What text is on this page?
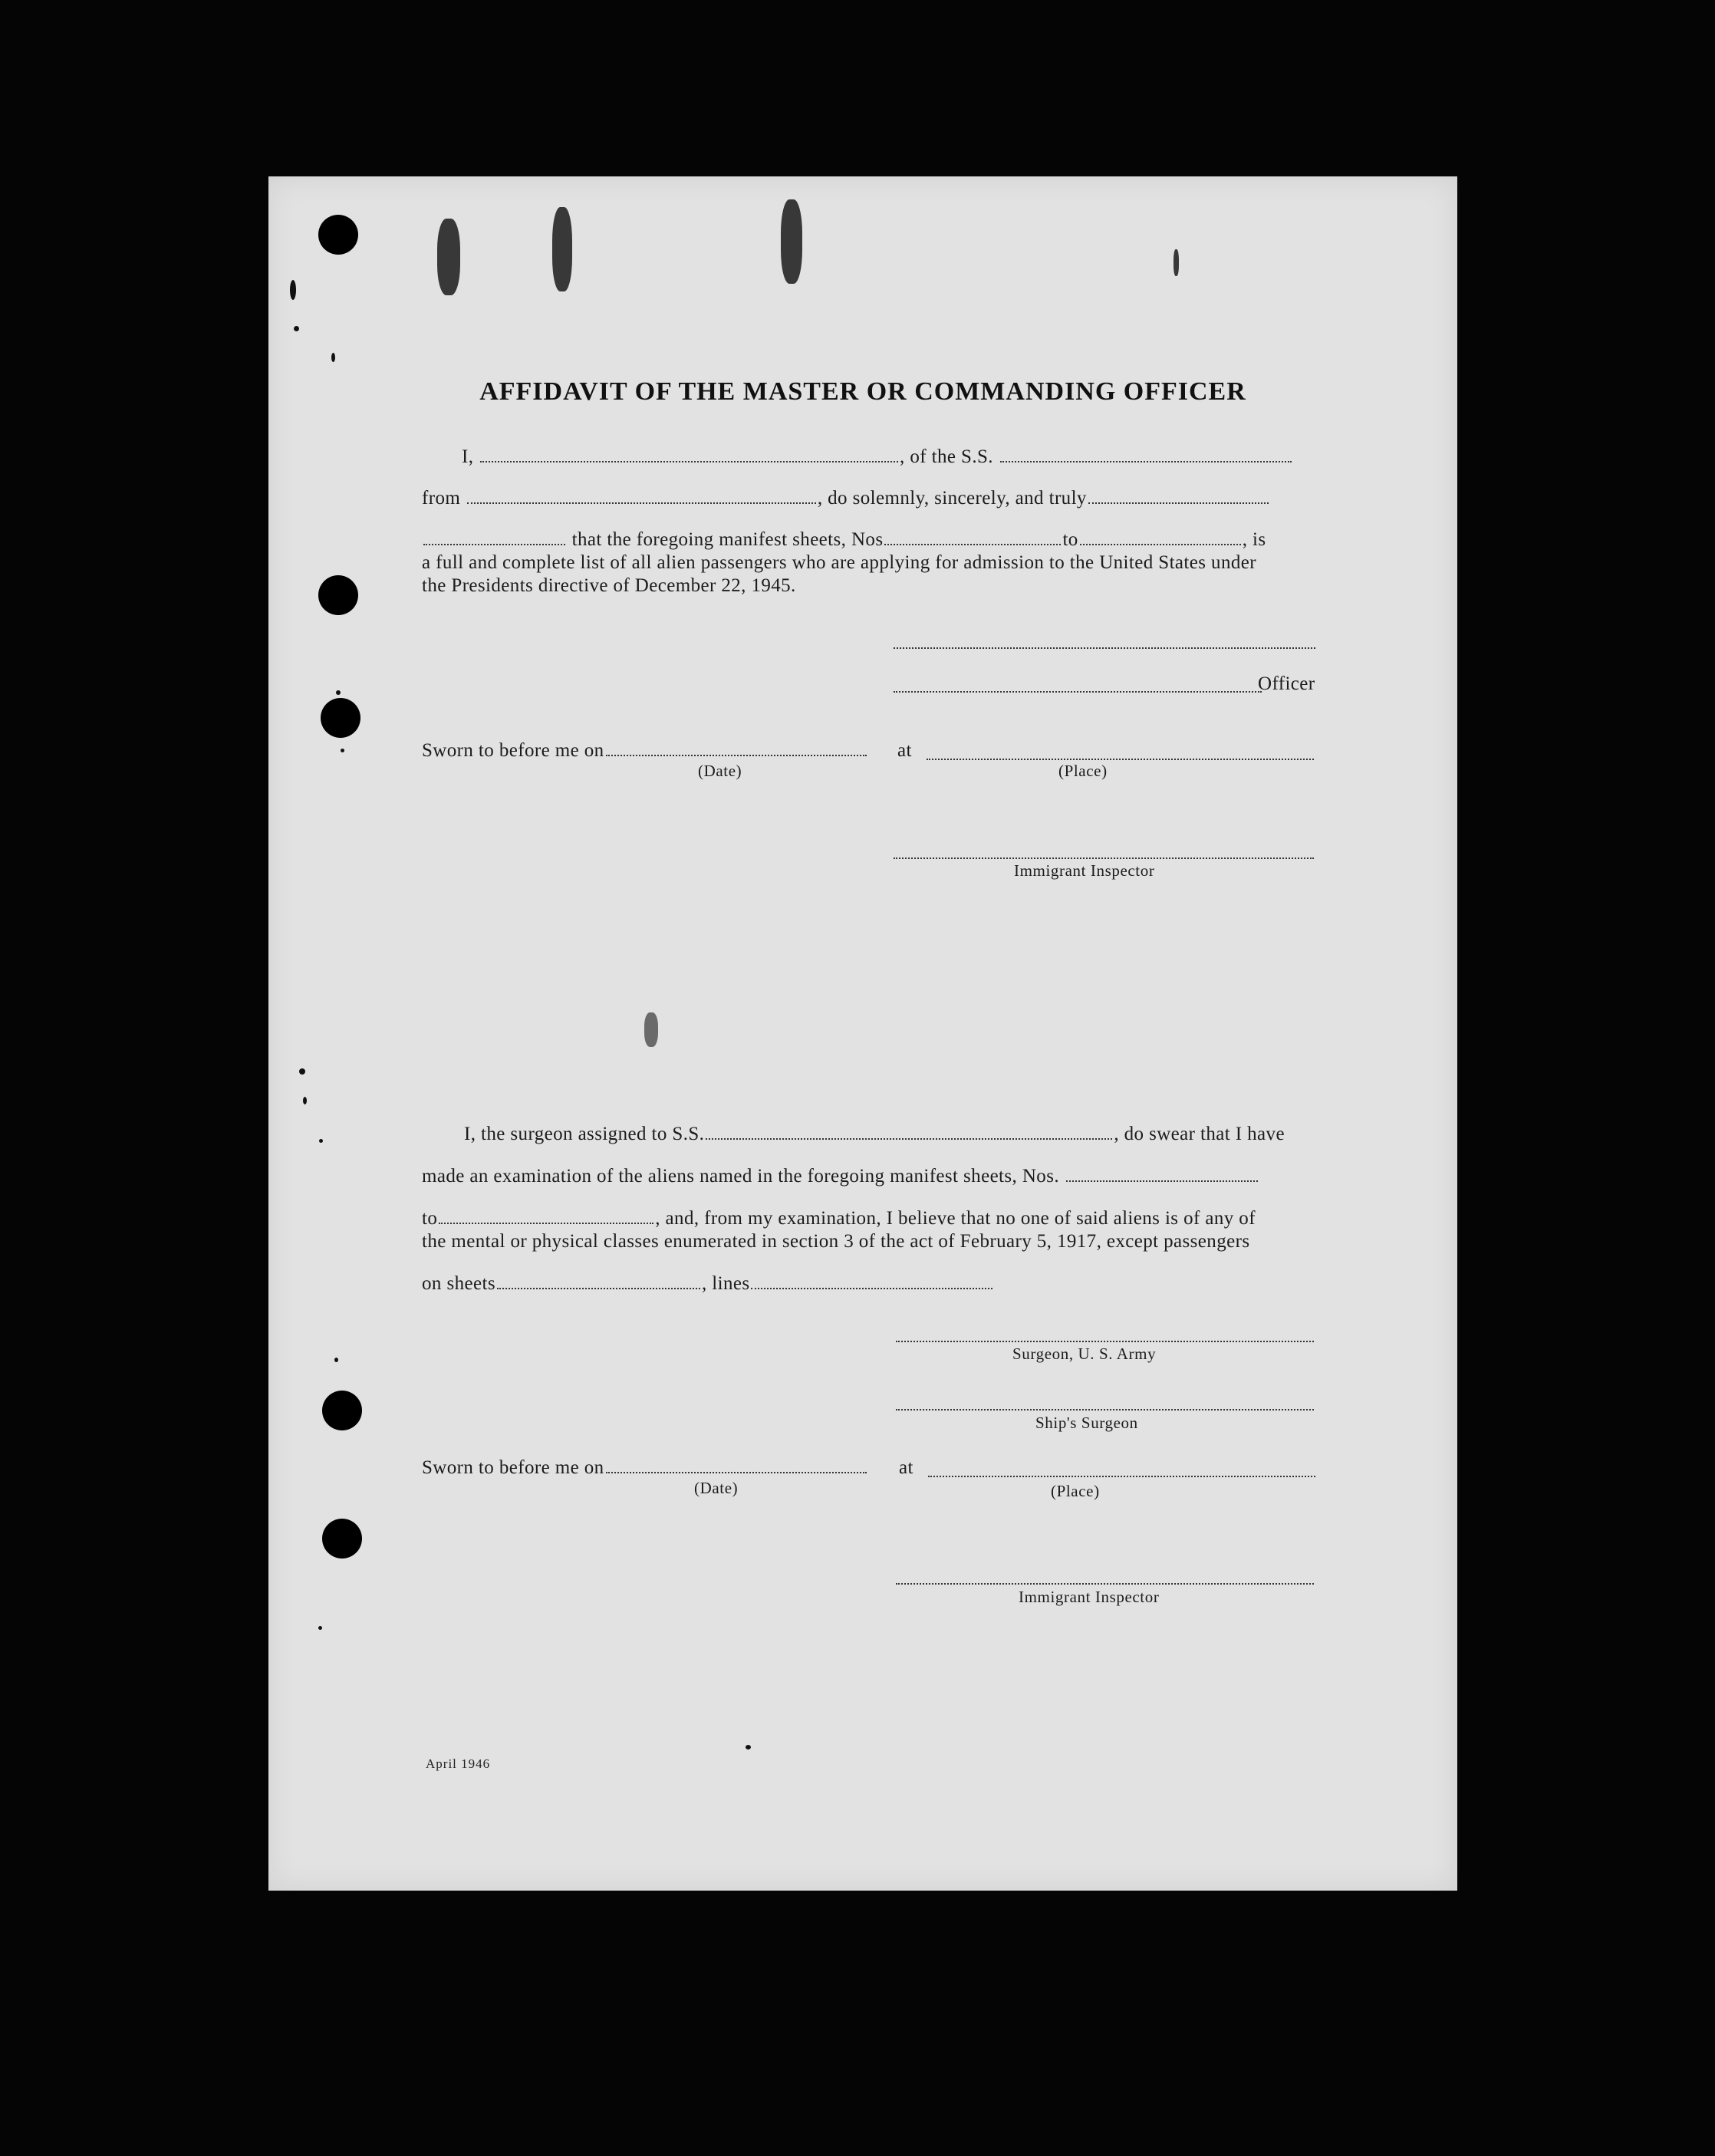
AFFIDAVIT OF THE MASTER OR COMMANDING OFFICER
I,	, of the S.S.
from	, do solemnly, sincerely, and truly
that the foregoing manifest sheets, Nos	to	, is
a full and complete list of all alien passengers who are applying for admission to the United States under
the Presidents directive of December 22, 1945.
Officer
Sworn to before me on	at
(Date)	(Place)
Immigrant Inspector
I, the surgeon assigned to S.S.	, do swear that I have
made an examination of the aliens named in the foregoing manifest sheets, Nos.
to	, and, from my examination, I believe that no one of said aliens is of any of
the mental or physical classes enumerated in section 3 of the act of February 5, 1917, except passengers
on sheets	, lines
Surgeon, U. S. Army
Ship's Surgeon
Sworn to before me on	at
(Date)	(Place)
Immigrant Inspector
April 1946
